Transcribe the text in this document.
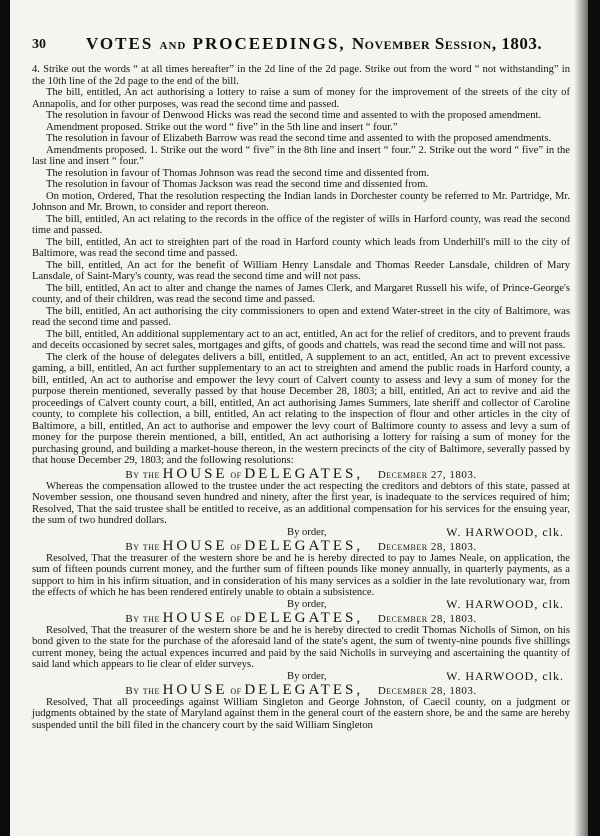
30 VOTES AND PROCEEDINGS, November Session, 1803.

4. Strike out the words “ at all times hereafter” in the 2d line of the 2d page. Strike out from the word “ not withstanding” in the 10th line of the 2d page to the end of the bill.

The bill, entitled, An act authorising a lottery to raise a sum of money for the improvement of the streets of the city of Annapolis, and for other purposes, was read the second time and passed.

The resolution in favour of Denwood Hicks was read the second time and assented to with the proposed amendment.

Amendment proposed. Strike out the word “ five” in the 5th line and insert “ four.”

The resolution in favour of Elizabeth Barrow was read the second time and assented to with the proposed amendments.

Amendments proposed. 1. Strike out the word “ five” in the 8th line and insert “ four.” 2. Strike out the word “ five” in the last line and insert “ four.”

The resolution in favour of Thomas Johnson was read the second time and dissented from.

The resolution in favour of Thomas Jackson was read the second time and dissented from.

On motion, Ordered, That the resolution respecting the Indian lands in Dorchester county be referred to Mr. Partridge, Mr. Johnson and Mr. Brown, to consider and report thereon.

The bill, entitled, An act relating to the records in the office of the register of wills in Harford county, was read the second time and passed.

The bill, entitled, An act to streighten part of the road in Harford county which leads from Underhill's mill to the city of Baltimore, was read the second time and passed.

The bill, entitled, An act for the benefit of William Henry Lansdale and Thomas Reeder Lansdale, children of Mary Lansdale, of Saint-Mary's county, was read the second time and will not pass.

The bill, entitled, An act to alter and change the names of James Clerk, and Margaret Russell his wife, of Prince-George's county, and of their children, was read the second time and passed.

The bill, entitled, An act authorising the city commissioners to open and extend Water-street in the city of Baltimore, was read the second time and passed.

The bill, entitled, An additional supplementary act to an act, entitled, An act for the relief of creditors, and to prevent frauds and deceits occasioned by secret sales, mortgages and gifts, of goods and chattels, was read the second time and will not pass.

The clerk of the house of delegates delivers a bill, entitled, A supplement to an act, entitled, An act to prevent excessive gaming, a bill, entitled, An act further supplementary to an act to streighten and amend the public roads in Harford county, a bill, entitled, An act to authorise and empower the levy court of Calvert county to assess and levy a sum of money for the purpose therein mentioned, severally passed by that house December 28, 1803; a bill, entitled, An act to revive and aid the proceedings of Calvert county court, a bill, entitled, An act authorising James Summers, late sheriff and collector of Caroline county, to complete his collection, a bill, entitled, An act relating to the inspection of flour and other articles in the city of Baltimore, a bill, entitled, An act to authorise and empower the levy court of Baltimore county to assess and levy a sum of money for the purpose therein mentioned, a bill, entitled, An act authorising a lottery for raising a sum of money for the purchasing ground, and building a market-house thereon, in the western precincts of the city of Baltimore, severally passed by that house December 29, 1803; and the following resolutions:

By the HOUSE of DELEGATES, December 27, 1803.

Whereas the compensation allowed to the trustee under the act respecting the creditors and debtors of this state, passed at November session, one thousand seven hundred and ninety, after the first year, is inadequate to the services required of him; Resolved, That the said trustee shall be entitled to receive, as an additional compensation for his services for the ensuing year, the sum of two hundred dollars.

By order,	W. HARWOOD, clk.
By the HOUSE of DELEGATES, December 28, 1803.

Resolved, That the treasurer of the western shore be and he is hereby directed to pay to James Neale, on application, the sum of fifteen pounds current money, and the further sum of fifteen pounds like money annually, in quarterly payments, as a support to him in his infirm situation, and in consideration of his many services as a soldier in the late revolutionary war, from the effects of which he has been rendered entirely unable to obtain a subsistence.

By order,	W. HARWOOD, clk.
By the HOUSE of DELEGATES, December 28, 1803.

Resolved, That the treasurer of the western shore be and he is hereby directed to credit Thomas Nicholls of Simon, on his bond given to the state for the purchase of the aforesaid land of the state's agent, the sum of twenty-nine pounds five shillings current money, being the actual expences incurred and paid by the said Nicholls in surveying and ascertaining the quantity of said land which appears to lie clear of elder surveys.

By order,	W. HARWOOD, clk.
By the HOUSE of DELEGATES, December 28, 1803.

Resolved, That all proceedings against William Singleton and George Johnston, of Caecil county, on a judgment or judgments obtained by the state of Maryland against them in the general court of the eastern shore, be and the same are hereby suspended until the bill filed in the chancery court by the said William Singleton
